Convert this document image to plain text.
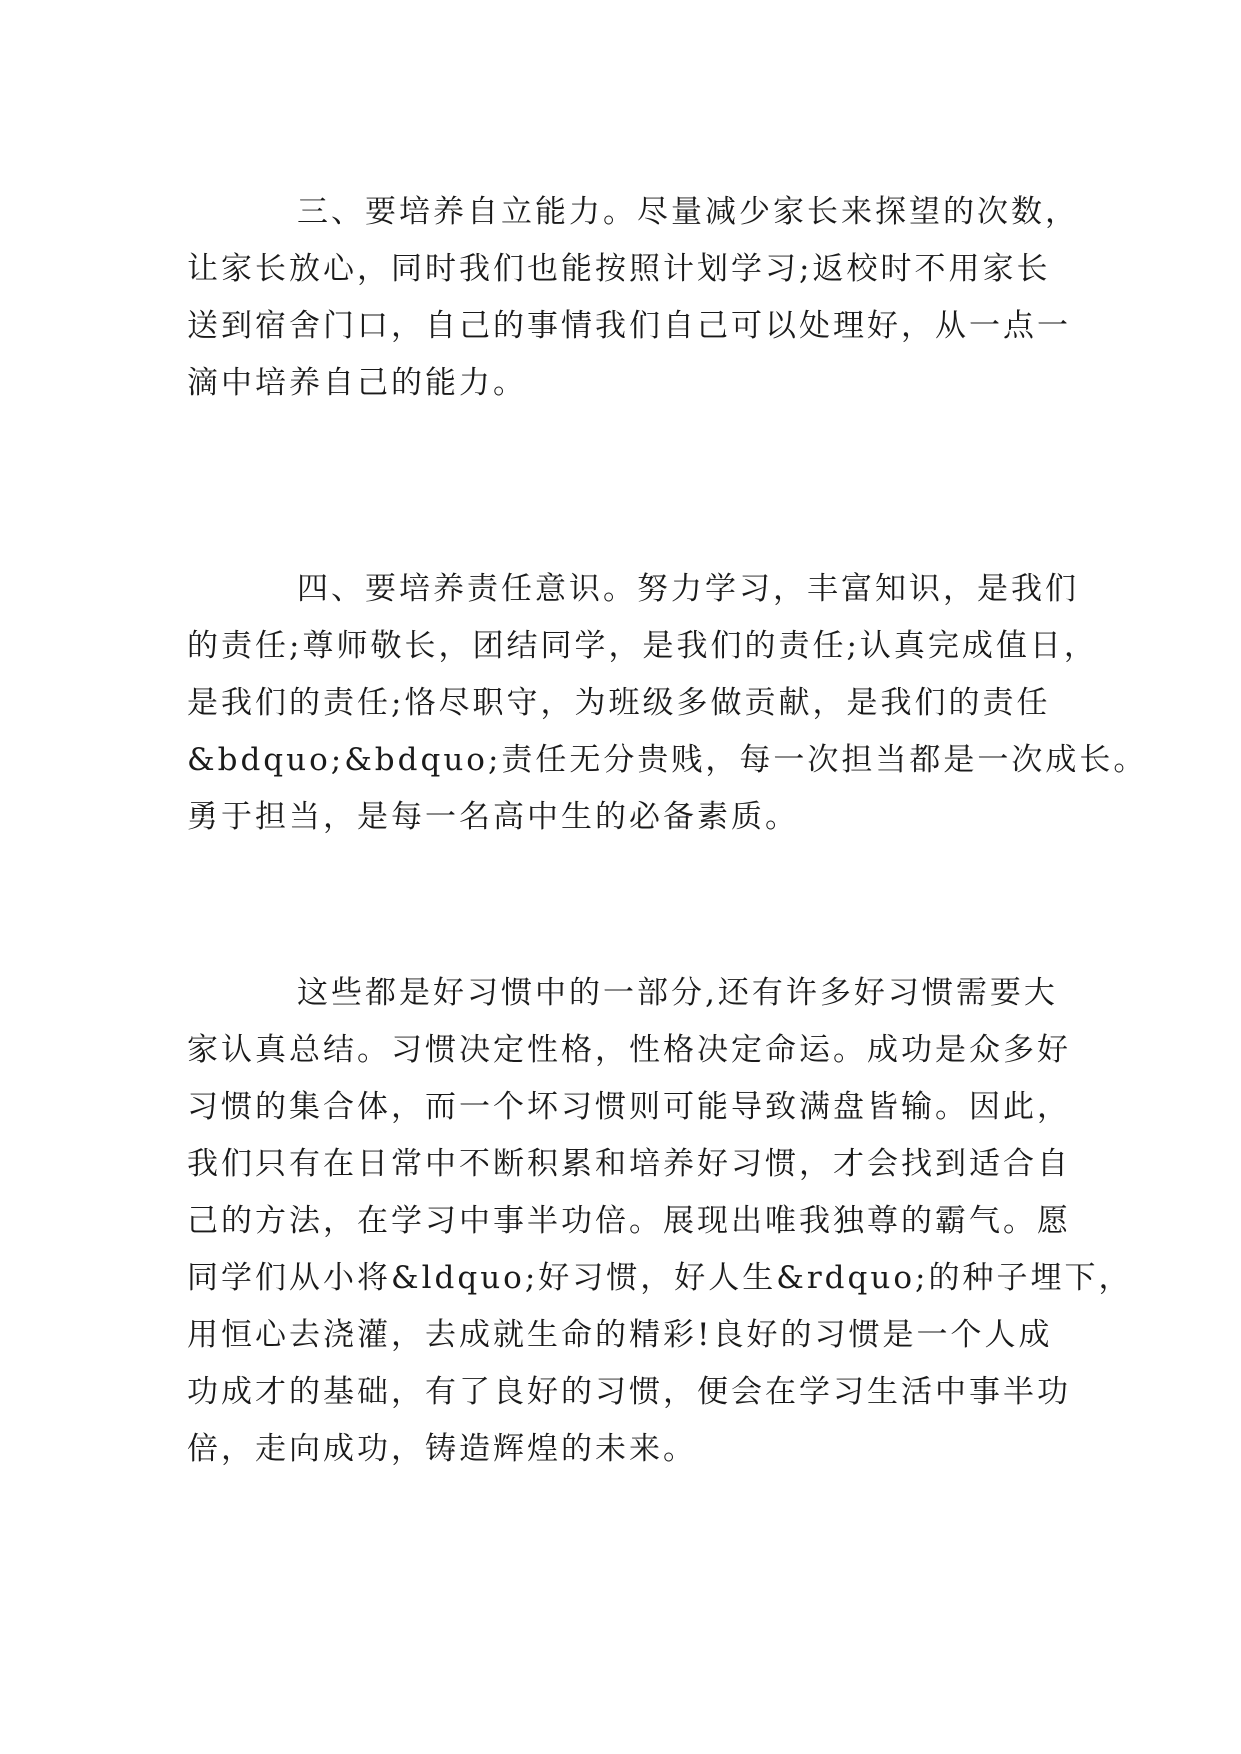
三、要培养自立能力。尽量减少家长来探望的次数，
让家长放心，同时我们也能按照计划学习;返校时不用家长
送到宿舍门口，自己的事情我们自己可以处理好，从一点一
滴中培养自己的能力。

四、要培养责任意识。努力学习，丰富知识，是我们
的责任;尊师敬长，团结同学，是我们的责任;认真完成值日，
是我们的责任;恪尽职守，为班级多做贡献，是我们的责任
&bdquo;&bdquo;责任无分贵贱，每一次担当都是一次成长。
勇于担当，是每一名高中生的必备素质。

这些都是好习惯中的一部分,还有许多好习惯需要大
家认真总结。习惯决定性格，性格决定命运。成功是众多好
习惯的集合体，而一个坏习惯则可能导致满盘皆输。因此，
我们只有在日常中不断积累和培养好习惯，才会找到适合自
己的方法，在学习中事半功倍。展现出唯我独尊的霸气。愿
同学们从小将&ldquo;好习惯，好人生&rdquo;的种子埋下，
用恒心去浇灌，去成就生命的精彩!良好的习惯是一个人成
功成才的基础，有了良好的习惯，便会在学习生活中事半功
倍，走向成功，铸造辉煌的未来。
